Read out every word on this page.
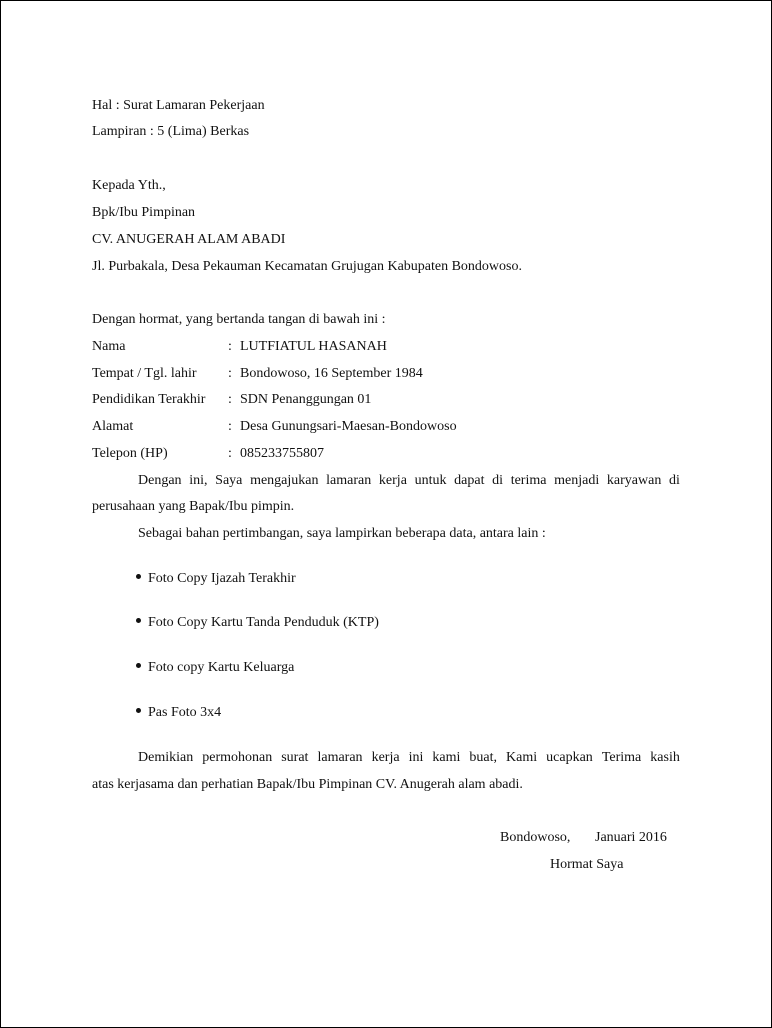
Hal : Surat Lamaran Pekerjaan
Lampiran : 5 (Lima) Berkas
Kepada Yth.,
Bpk/Ibu Pimpinan
CV. ANUGERAH ALAM ABADI
Jl. Purbakala, Desa Pekauman Kecamatan Grujugan Kabupaten Bondowoso.
Dengan hormat, yang bertanda tangan di bawah ini :
Nama	: LUTFIATUL HASANAH
Tempat / Tgl. lahir	: Bondowoso, 16 September 1984
Pendidikan Terakhir	: SDN Penanggungan 01
Alamat	: Desa Gunungsari-Maesan-Bondowoso
Telepon (HP)	: 085233755807
Dengan ini, Saya mengajukan lamaran kerja untuk dapat di terima menjadi karyawan di
perusahaan yang Bapak/Ibu pimpin.
Sebagai bahan pertimbangan, saya lampirkan beberapa data, antara lain :
Foto Copy Ijazah Terakhir
Foto Copy Kartu Tanda Penduduk (KTP)
Foto copy Kartu Keluarga
Pas Foto 3x4
Demikian permohonan surat lamaran kerja ini kami buat, Kami ucapkan Terima kasih
atas kerjasama dan perhatian Bapak/Ibu Pimpinan CV. Anugerah alam abadi.
Bondowoso, Januari 2016
Hormat Saya
